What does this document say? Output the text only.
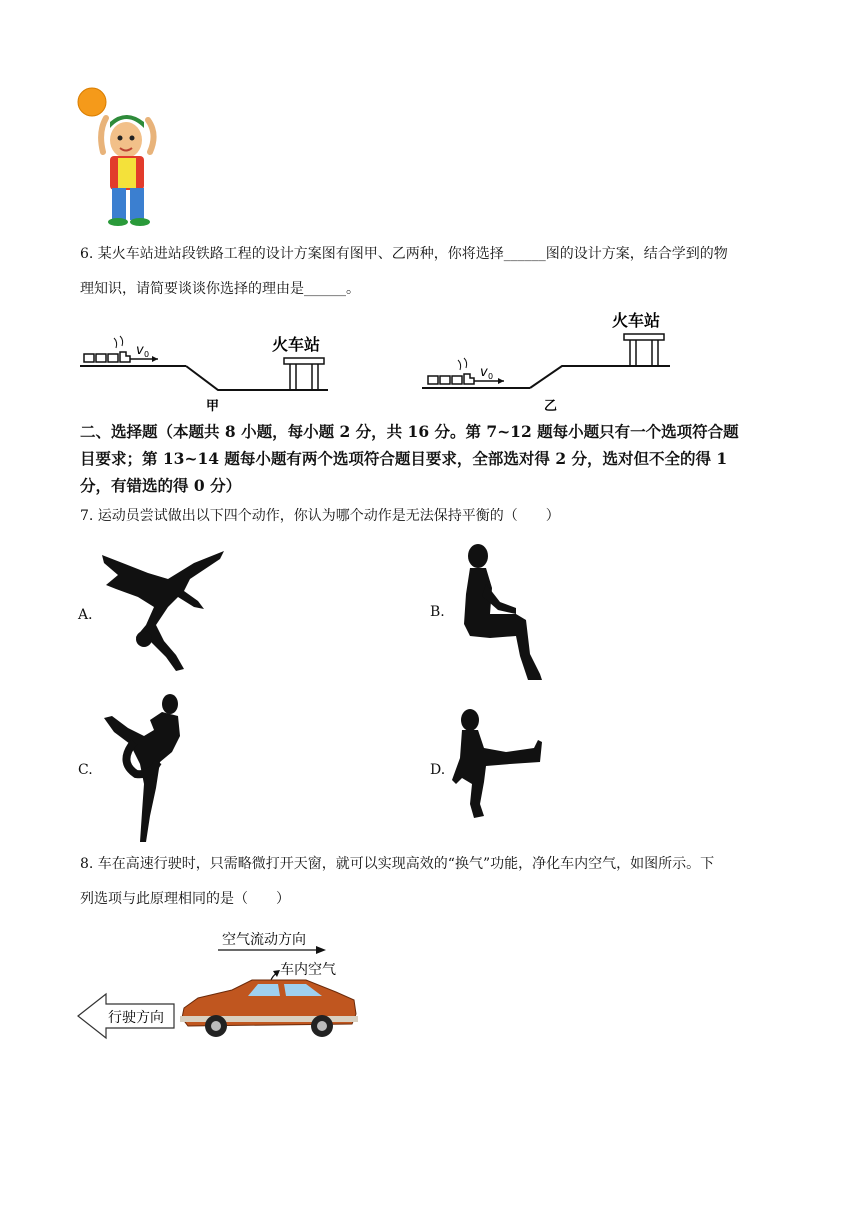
6. 某火车站进站段铁路工程的设计方案图有图甲、乙两种，你将选择______图的设计方案，结合学到的物
理知识，请简要谈谈你选择的理由是______。
v 0
火车站
甲
v 0
火车站
乙
二、选择题（本题共 8 小题，每小题 2 分，共 16 分。第 7~12 题每小题只有一个选项符合题
目要求；第 13~14 题每小题有两个选项符合题目要求，全部选对得 2 分，选对但不全的得 1
分，有错选的得 0 分）
7. 运动员尝试做出以下四个动作，你认为哪个动作是无法保持平衡的（　　）
A．	B.
C.	D.
8. 车在高速行驶时，只需略微打开天窗，就可以实现高效的“换气”功能，净化车内空气，如图所示。下
列选项与此原理相同的是（　　）
空气流动方向
车内空气
行驶方向
